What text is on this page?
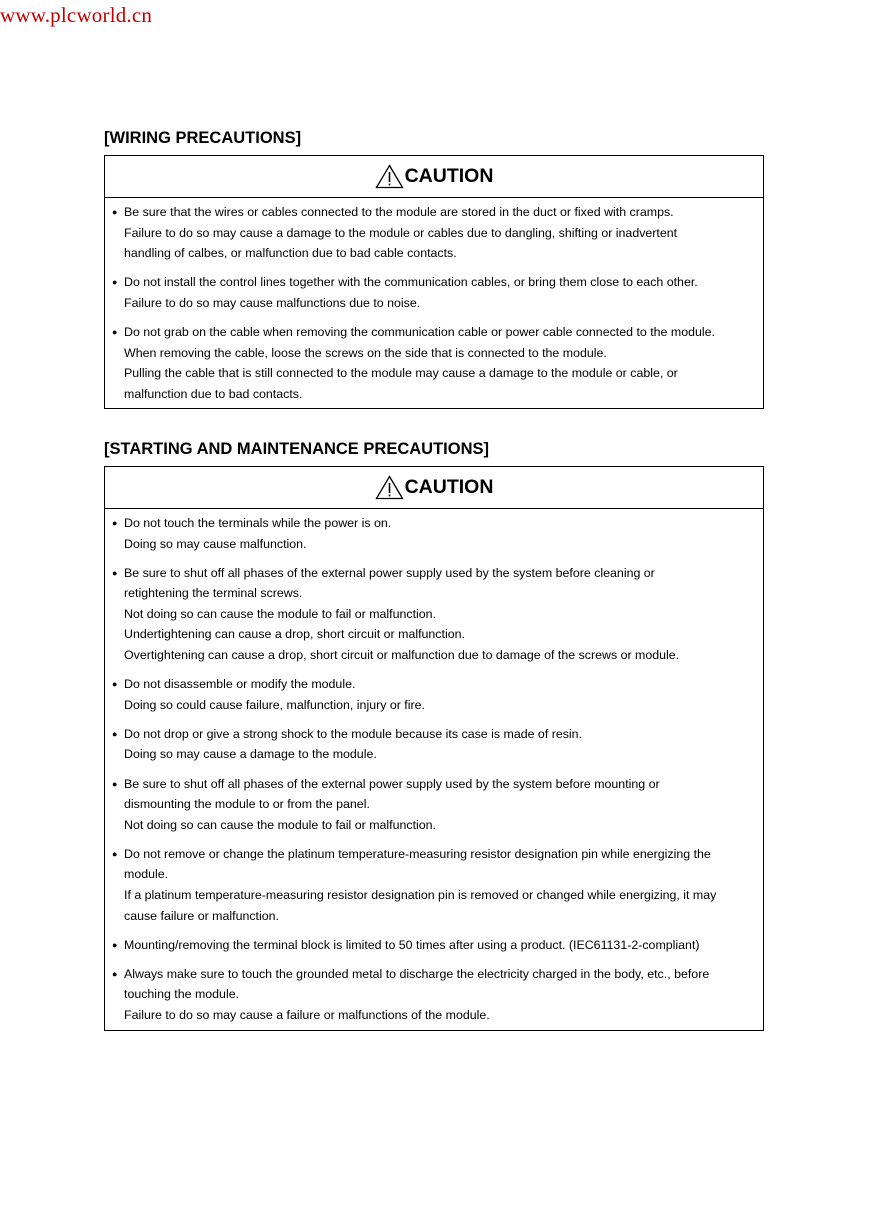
www.plcworld.cn
[WIRING PRECAUTIONS]
CAUTION
● Be sure that the wires or cables connected to the module are stored in the duct or fixed with cramps.
Failure to do so may cause a damage to the module or cables due to dangling, shifting or inadvertent
handling of calbes, or malfunction due to bad cable contacts.
● Do not install the control lines together with the communication cables, or bring them close to each other.
Failure to do so may cause malfunctions due to noise.
● Do not grab on the cable when removing the communication cable or power cable connected to the module.
When removing the cable, loose the screws on the side that is connected to the module.
Pulling the cable that is still connected to the module may cause a damage to the module or cable, or
malfunction due to bad contacts.
[STARTING AND MAINTENANCE PRECAUTIONS]
CAUTION
● Do not touch the terminals while the power is on.
Doing so may cause malfunction.
● Be sure to shut off all phases of the external power supply used by the system before cleaning or
retightening the terminal screws.
Not doing so can cause the module to fail or malfunction.
Undertightening can cause a drop, short circuit or malfunction.
Overtightening can cause a drop, short circuit or malfunction due to damage of the screws or module.
● Do not disassemble or modify the module.
Doing so could cause failure, malfunction, injury or fire.
● Do not drop or give a strong shock to the module because its case is made of resin.
Doing so may cause a damage to the module.
● Be sure to shut off all phases of the external power supply used by the system before mounting or
dismounting the module to or from the panel.
Not doing so can cause the module to fail or malfunction.
● Do not remove or change the platinum temperature-measuring resistor designation pin while energizing the
module.
If a platinum temperature-measuring resistor designation pin is removed or changed while energizing, it may
cause failure or malfunction.
● Mounting/removing the terminal block is limited to 50 times after using a product. (IEC61131-2-compliant)
● Always make sure to touch the grounded metal to discharge the electricity charged in the body, etc., before
touching the module.
Failure to do so may cause a failure or malfunctions of the module.
